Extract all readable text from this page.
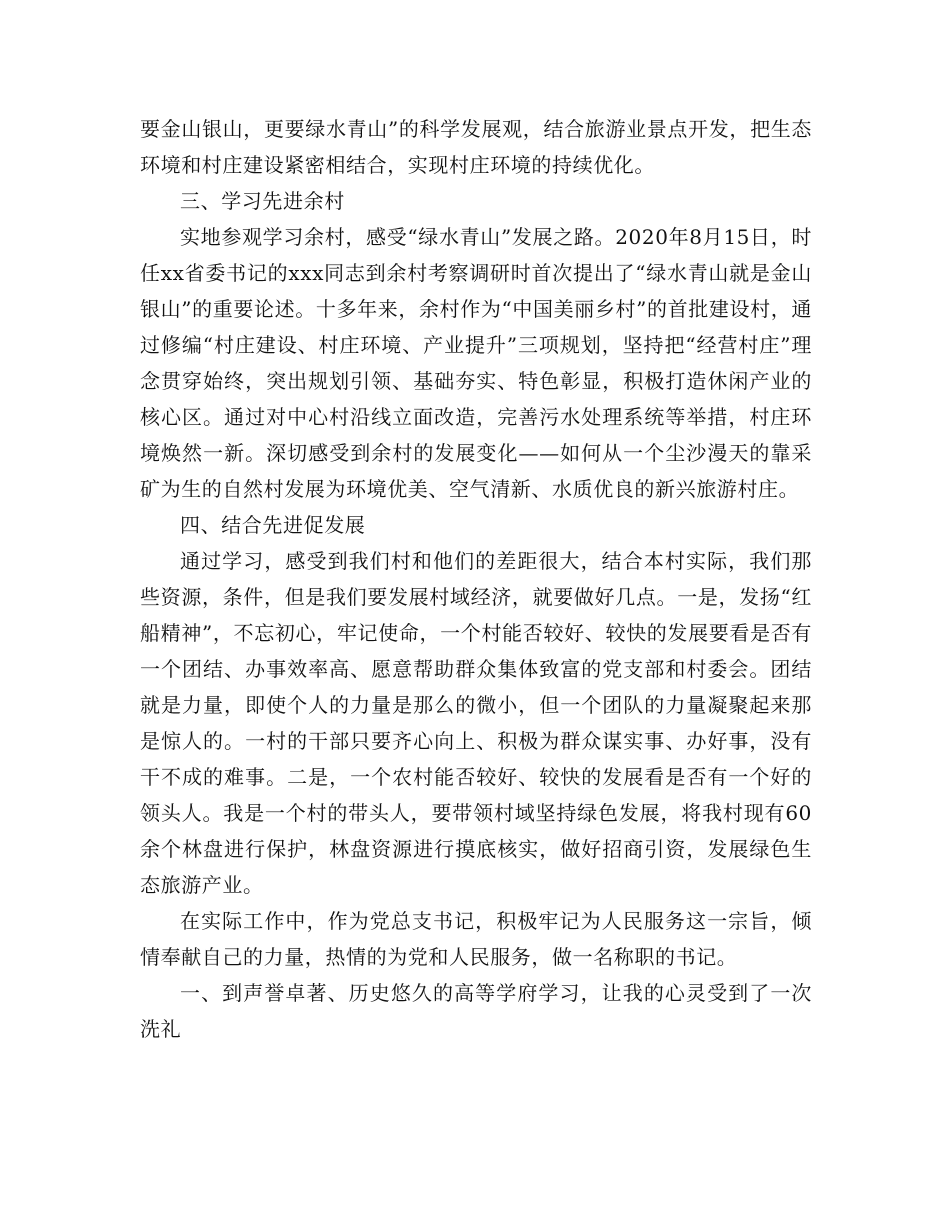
要金山银山，更要绿水青山”的科学发展观，结合旅游业景点开发，把生态环境和村庄建设紧密相结合，实现村庄环境的持续优化。

三、学习先进余村

实地参观学习余村，感受“绿水青山”发展之路。2020年8月15日，时任xx省委书记的xxx同志到余村考察调研时首次提出了“绿水青山就是金山银山”的重要论述。十多年来，余村作为“中国美丽乡村”的首批建设村，通过修编“村庄建设、村庄环境、产业提升”三项规划，坚持把“经营村庄”理念贯穿始终，突出规划引领、基础夯实、特色彰显，积极打造休闲产业的核心区。通过对中心村沿线立面改造，完善污水处理系统等举措，村庄环境焕然一新。深切感受到余村的发展变化——如何从一个尘沙漫天的靠采矿为生的自然村发展为环境优美、空气清新、水质优良的新兴旅游村庄。

四、结合先进促发展

通过学习，感受到我们村和他们的差距很大，结合本村实际，我们那些资源，条件，但是我们要发展村域经济，就要做好几点。一是，发扬“红船精神”，不忘初心，牢记使命，一个村能否较好、较快的发展要看是否有一个团结、办事效率高、愿意帮助群众集体致富的党支部和村委会。团结就是力量，即使个人的力量是那么的微小，但一个团队的力量凝聚起来那是惊人的。一村的干部只要齐心向上、积极为群众谋实事、办好事，没有干不成的难事。二是，一个农村能否较好、较快的发展看是否有一个好的领头人。我是一个村的带头人，要带领村域坚持绿色发展，将我村现有60余个林盘进行保护，林盘资源进行摸底核实，做好招商引资，发展绿色生态旅游产业。

在实际工作中，作为党总支书记，积极牢记为人民服务这一宗旨，倾情奉献自己的力量，热情的为党和人民服务，做一名称职的书记。

一、到声誉卓著、历史悠久的高等学府学习，让我的心灵受到了一次洗礼
